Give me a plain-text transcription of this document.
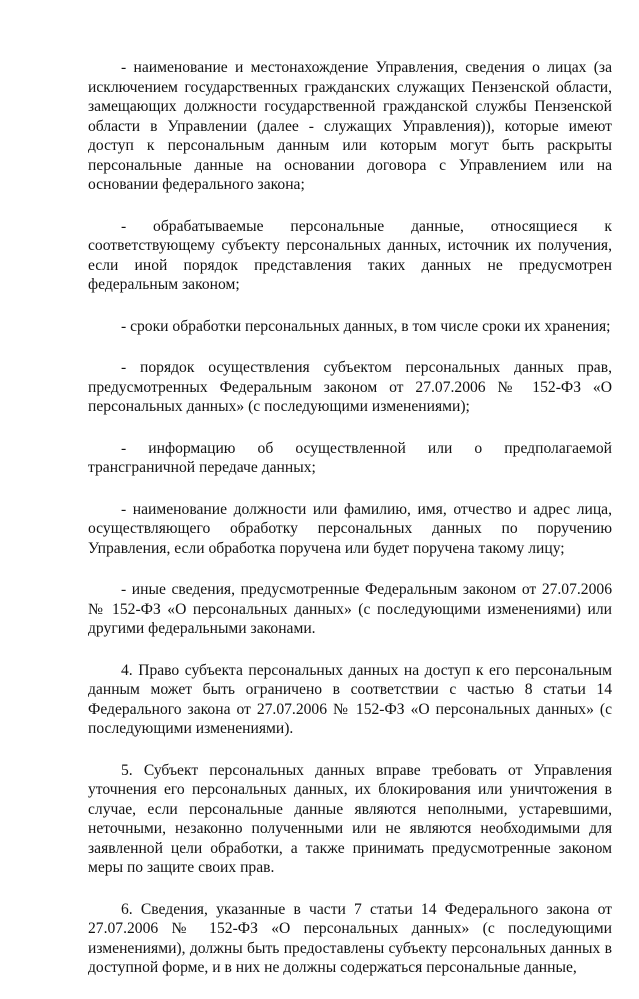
- наименование и местонахождение Управления, сведения о лицах (за исключением государственных гражданских служащих Пензенской области, замещающих должности государственной гражданской службы Пензенской области в Управлении (далее - служащих Управления)), которые имеют доступ к персональным данным или которым могут быть раскрыты персональные данные на основании договора с Управлением или на основании федерального закона;

- обрабатываемые персональные данные, относящиеся к соответствующему субъекту персональных данных, источник их получения, если иной порядок представления таких данных не предусмотрен федеральным законом;

- сроки обработки персональных данных, в том числе сроки их хранения;

- порядок осуществления субъектом персональных данных прав, предусмотренных Федеральным законом от 27.07.2006 № 152-ФЗ «О персональных данных» (с последующими изменениями);

- информацию об осуществленной или о предполагаемой трансграничной передаче данных;

- наименование должности или фамилию, имя, отчество и адрес лица, осуществляющего обработку персональных данных по поручению Управления, если обработка поручена или будет поручена такому лицу;

- иные сведения, предусмотренные Федеральным законом от 27.07.2006 № 152-ФЗ «О персональных данных» (с последующими изменениями) или другими федеральными законами.

4. Право субъекта персональных данных на доступ к его персональным данным может быть ограничено в соответствии с частью 8 статьи 14 Федерального закона от 27.07.2006 № 152-ФЗ «О персональных данных» (с последующими изменениями).

5. Субъект персональных данных вправе требовать от Управления уточнения его персональных данных, их блокирования или уничтожения в случае, если персональные данные являются неполными, устаревшими, неточными, незаконно полученными или не являются необходимыми для заявленной цели обработки, а также принимать предусмотренные законом меры по защите своих прав.

6. Сведения, указанные в части 7 статьи 14 Федерального закона от 27.07.2006 № 152-ФЗ «О персональных данных» (с последующими изменениями), должны быть предоставлены субъекту персональных данных в доступной форме, и в них не должны содержаться персональные данные,
